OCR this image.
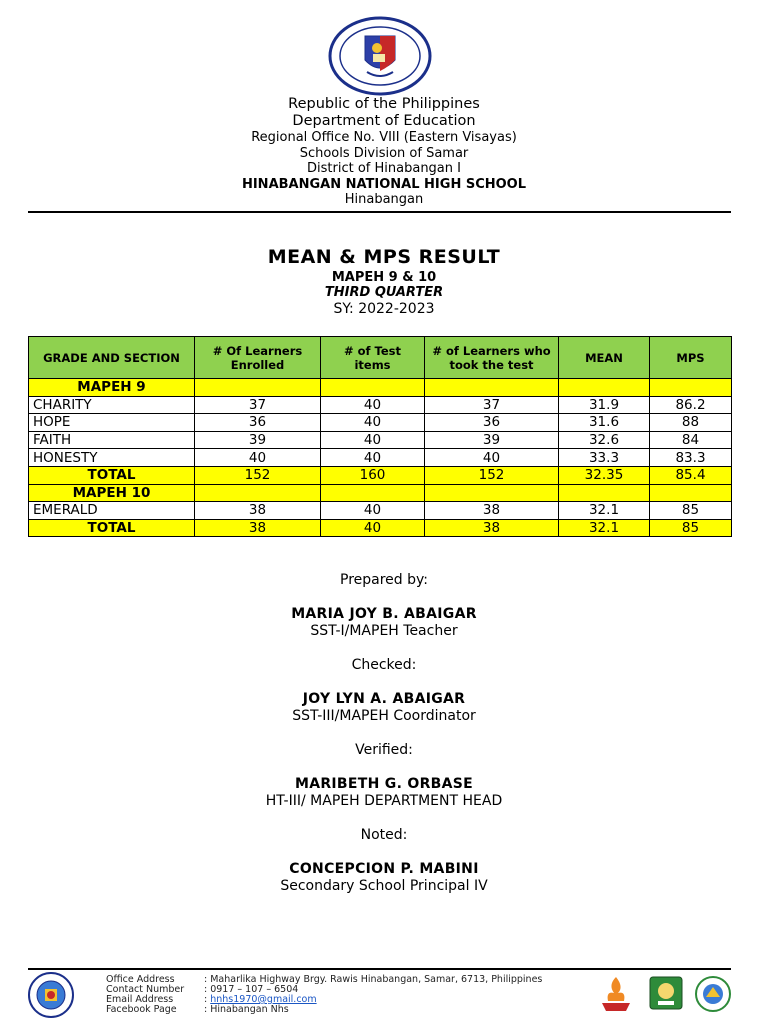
Republic of the Philippines
Department of Education
Regional Office No. VIII (Eastern Visayas)
Schools Division of Samar
District of Hinabangan I
HINABANGAN NATIONAL HIGH SCHOOL
Hinabangan
MEAN & MPS RESULT
MAPEH 9 & 10
THIRD QUARTER
SY: 2022-2023
GRADE AND SECTION	# Of Learners Enrolled	# of Test items	# of Learners who took the test	MEAN	MPS
MAPEH 9					
CHARITY	37	40	37	31.9	86.2
HOPE	36	40	36	31.6	88
FAITH	39	40	39	32.6	84
HONESTY	40	40	40	33.3	83.3
TOTAL	152	160	152	32.35	85.4
MAPEH 10					
EMERALD	38	40	38	32.1	85
TOTAL	38	40	38	32.1	85
Prepared by:
MARIA JOY B. ABAIGAR
SST-I/MAPEH Teacher
Checked:
JOY LYN A. ABAIGAR
SST-III/MAPEH Coordinator
Verified:
MARIBETH G. ORBASE
HT-III/ MAPEH DEPARTMENT HEAD
Noted:
CONCEPCION P. MABINI
Secondary School Principal IV
Office Address	: Maharlika Highway Brgy. Rawis Hinabangan, Samar, 6713, Philippines
Contact Number	: 0917 – 107 – 6504
Email Address	: hnhs1970@gmail.com
Facebook Page	: Hinabangan Nhs
